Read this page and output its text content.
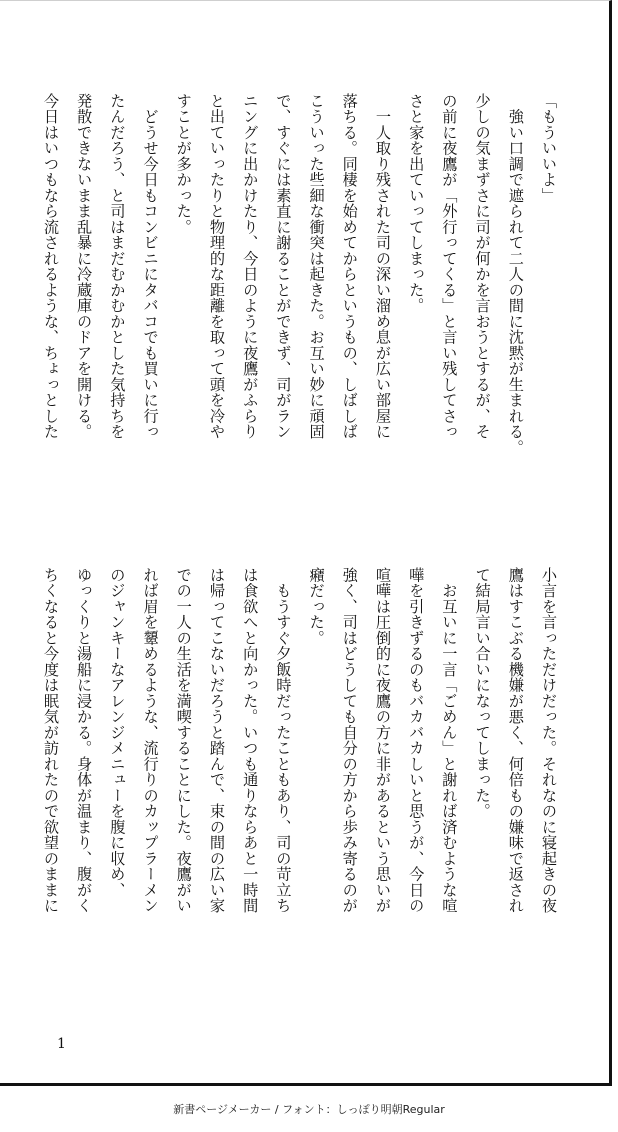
「もういいよ」
　強い口調で遮られて二人の間に沈黙が生まれる。
少しの気まずさに司が何かを言おうとするが、そ
の前に夜鷹が「外行ってくる」と言い残してさっ
さと家を出ていってしまった。
　一人取り残された司の深い溜め息が広い部屋に
落ちる。同棲を始めてからというもの、しばしば
こういった些細な衝突は起きた。お互い妙に頑固
で、すぐには素直に謝ることができず、司がラン
ニングに出かけたり、今日のように夜鷹がふらり
と出ていったりと物理的な距離を取って頭を冷や
すことが多かった。
　どうせ今日もコンビニにタバコでも買いに行っ
たんだろう、と司はまだむかむかとした気持ちを
発散できないまま乱暴に冷蔵庫のドアを開ける。
今日はいつもなら流されるような、ちょっとした
小言を言っただけだった。それなのに寝起きの夜
鷹はすこぶる機嫌が悪く、何倍もの嫌味で返され
て結局言い合いになってしまった。
　お互いに一言「ごめん」と謝れば済むような喧
嘩を引きずるのもバカバカしいと思うが、今日の
喧嘩は圧倒的に夜鷹の方に非があるという思いが
強く、司はどうしても自分の方から歩み寄るのが
癪だった。
　もうすぐ夕飯時だったこともあり、司の苛立ち
は食欲へと向かった。いつも通りならあと一時間
は帰ってこないだろうと踏んで、束の間の広い家
での一人の生活を満喫することにした。夜鷹がい
れば眉を顰めるような、流行りのカップラーメン
のジャンキーなアレンジメニューを腹に収め、
ゆっくりと湯船に浸かる。身体が温まり、腹がく
ちくなると今度は眠気が訪れたので欲望のままに
1
新書ページメーカー / フォント：しっぽり明朝Regular
